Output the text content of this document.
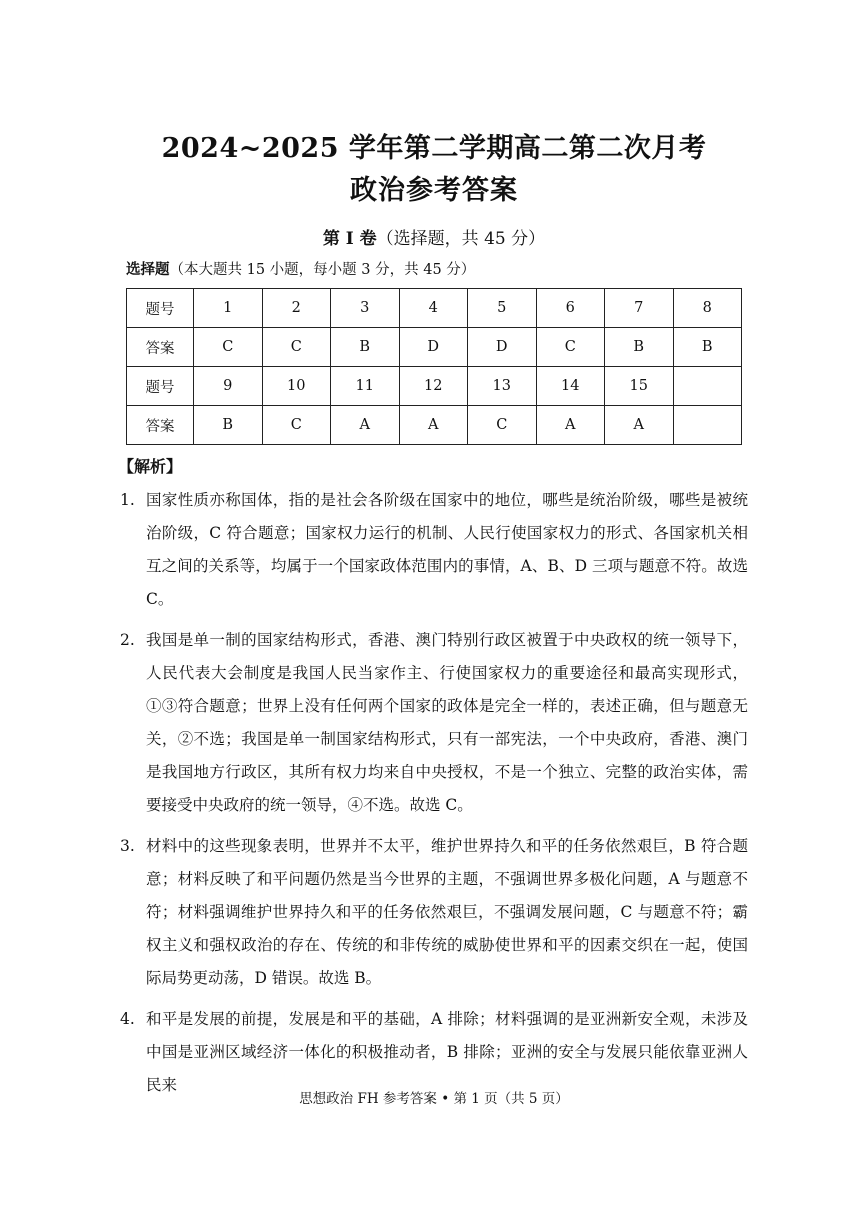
2024~2025 学年第二学期高二第二次月考
政治参考答案
第 I 卷（选择题，共 45 分）
选择题（本大题共 15 小题，每小题 3 分，共 45 分）
题号	1	2	3	4	5	6	7	8
答案	C	C	B	D	D	C	B	B
题号	9	10	11	12	13	14	15	
答案	B	C	A	A	C	A	A	
【解析】
1. 国家性质亦称国体，指的是社会各阶级在国家中的地位，哪些是统治阶级，哪些是被统治阶级，C 符合题意；国家权力运行的机制、人民行使国家权力的形式、各国家机关相互之间的关系等，均属于一个国家政体范围内的事情，A、B、D 三项与题意不符。故选 C。
2. 我国是单一制的国家结构形式，香港、澳门特别行政区被置于中央政权的统一领导下，人民代表大会制度是我国人民当家作主、行使国家权力的重要途径和最高实现形式，①③符合题意；世界上没有任何两个国家的政体是完全一样的，表述正确，但与题意无关，②不选；我国是单一制国家结构形式，只有一部宪法，一个中央政府，香港、澳门是我国地方行政区，其所有权力均来自中央授权，不是一个独立、完整的政治实体，需要接受中央政府的统一领导，④不选。故选 C。
3. 材料中的这些现象表明，世界并不太平，维护世界持久和平的任务依然艰巨，B 符合题意；材料反映了和平问题仍然是当今世界的主题，不强调世界多极化问题，A 与题意不符；材料强调维护世界持久和平的任务依然艰巨，不强调发展问题，C 与题意不符；霸权主义和强权政治的存在、传统的和非传统的威胁使世界和平的因素交织在一起，使国际局势更动荡，D 错误。故选 B。
4. 和平是发展的前提，发展是和平的基础，A 排除；材料强调的是亚洲新安全观，未涉及中国是亚洲区域经济一体化的积极推动者，B 排除；亚洲的安全与发展只能依靠亚洲人民来
思想政治 FH 参考答案 • 第 1 页（共 5 页）
